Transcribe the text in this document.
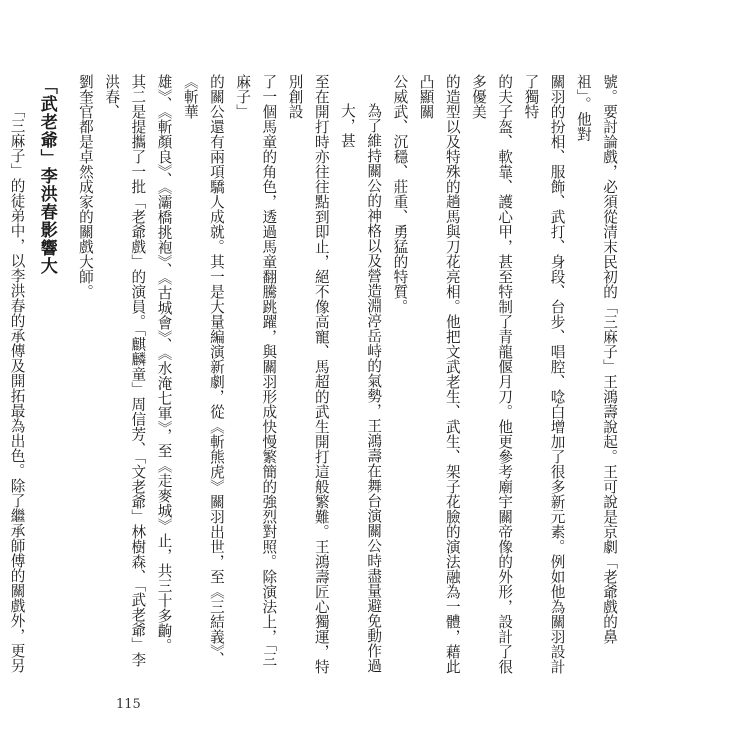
號。要討論戲，必須從清末民初的「三麻子」王鴻壽說起。王可說是京劇「老爺戲的鼻祖」。他對
關羽的扮相、服飾、武打、身段、台步、唱腔、唸白增加了很多新元素。例如他為關羽設計了獨特
的夫子盔、軟靠、護心甲，甚至特制了青龍偃月刀。他更參考廟宇關帝像的外形，設計了很多優美
的造型以及特殊的趟馬與刀花亮相。他把文武老生、武生、架子花臉的演法融為一體，藉此凸顯關
公威武、沉穩、莊重、勇猛的特質。
為了維持關公的神格以及營造淵渟岳峙的氣勢，王鴻壽在舞台演關公時盡量避免動作過大，甚
至在開打時亦往往點到即止，絕不像高寵、馬超的武生開打這般繁難。王鴻壽匠心獨運，特別創設
了一個馬童的角色，透過馬童翻騰跳躍，與關羽形成快慢繁簡的強烈對照。除演法上，「三麻子」
的關公還有兩項驕人成就。其一是大量編演新劇，從《斬熊虎》關羽出世，至《三結義》、《斬華
雄》、《斬顏良》、《灞橋挑袍》、《古城會》、《水淹七軍》，至《走麥城》止，共三十多齣。
其二是提攜了一批「老爺戲」的演員。「麒麟童」周信芳、「文老爺」林樹森、「武老爺」李洪春、
劉奎官都是卓然成家的關戲大師。
「武老爺」李洪春影響大
「三麻子」的徒弟中，以李洪春的承傳及開拓最為出色。除了繼承師傅的關戲外，更另
115
